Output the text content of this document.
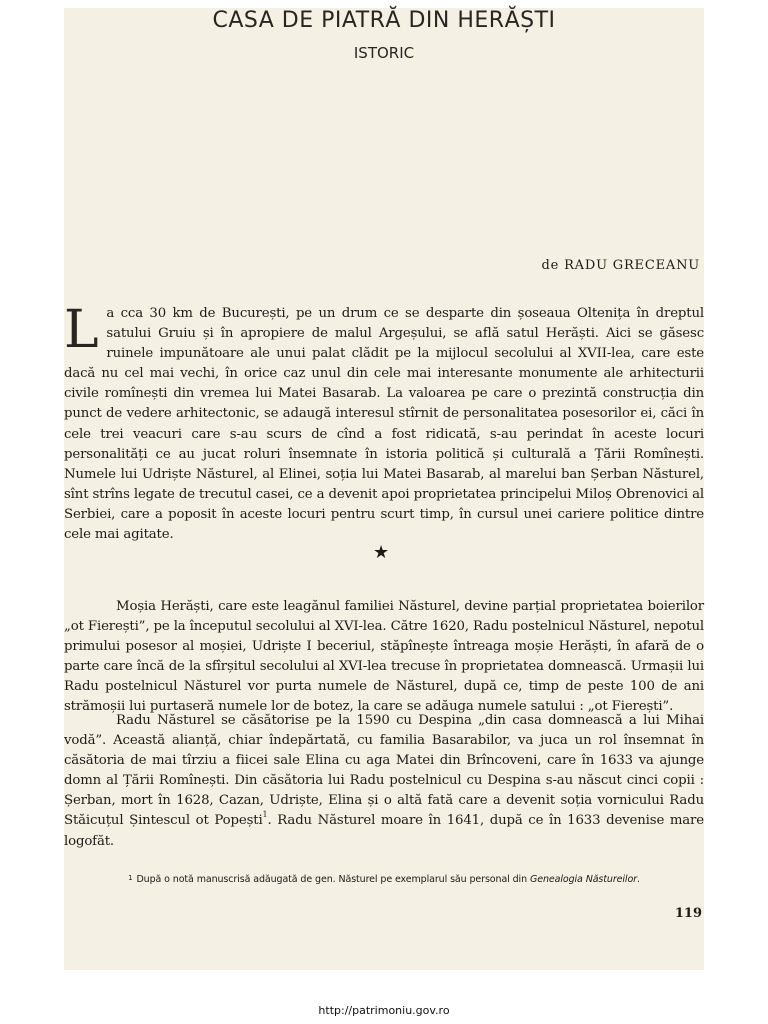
CASA DE PIATRĂ DIN HERĂȘTI
ISTORIC
de RADU GRECEANU

La cca 30 km de București, pe un drum ce se desparte din șoseaua Oltenița în dreptul satului Gruiu și în apropiere de malul Argeșului, se află satul Herăști. Aici se găsesc ruinele impunătoare ale unui palat clădit pe la mijlocul secolului al XVII-lea, care este dacă nu cel mai vechi, în orice caz unul din cele mai interesante monumente ale arhitecturii civile romînești din vremea lui Matei Basarab. La valoarea pe care o prezintă construcția din punct de vedere arhitectonic, se adaugă interesul stîrnit de personalitatea posesorilor ei, căci în cele trei veacuri care s-au scurs de cînd a fost ridicată, s-au perindat în aceste locuri personalități ce au jucat roluri însemnate în istoria politică și culturală a Țării Romînești. Numele lui Udriște Năsturel, al Elinei, soția lui Matei Basarab, al marelui ban Șerban Năsturel, sînt strîns legate de trecutul casei, ce a devenit apoi proprietatea principelui Miloș Obrenovici al Serbiei, care a poposit în aceste locuri pentru scurt timp, în cursul unei cariere politice dintre cele mai agitate.

★

Moșia Herăști, care este leagănul familiei Năsturel, devine parțial proprietatea boierilor „ot Fierești”, pe la începutul secolului al XVI-lea. Către 1620, Radu postelnicul Năsturel, nepotul primului posesor al moșiei, Udriște I beceriul, stăpînește întreaga moșie Herăști, în afară de o parte care încă de la sfîrșitul secolului al XVI-lea trecuse în proprietatea domnească. Urmașii lui Radu postelnicul Năsturel vor purta numele de Năsturel, după ce, timp de peste 100 de ani strămoșii lui purtaseră numele lor de botez, la care se adăuga numele satului : „ot Fierești”.

Radu Năsturel se căsătorise pe la 1590 cu Despina „din casa domnească a lui Mihai vodă”. Această alianță, chiar îndepărtată, cu familia Basarabilor, va juca un rol însemnat în căsătoria de mai tîrziu a fiicei sale Elina cu aga Matei din Brîncoveni, care în 1633 va ajunge domn al Țării Romînești. Din căsătoria lui Radu postelnicul cu Despina s-au născut cinci copii : Șerban, mort în 1628, Cazan, Udriște, Elina și o altă fată care a devenit soția vornicului Radu Stăicuțul Șintescul ot Popești$^1$. Radu Năsturel moare în 1641, după ce în 1633 devenise mare logofăt.

$^1$ După o notă manuscrisă adăugată de gen. Năsturel pe exemplarul său personal din Genealogia Năstureilor.
119
http://patrimoniu.gov.ro
